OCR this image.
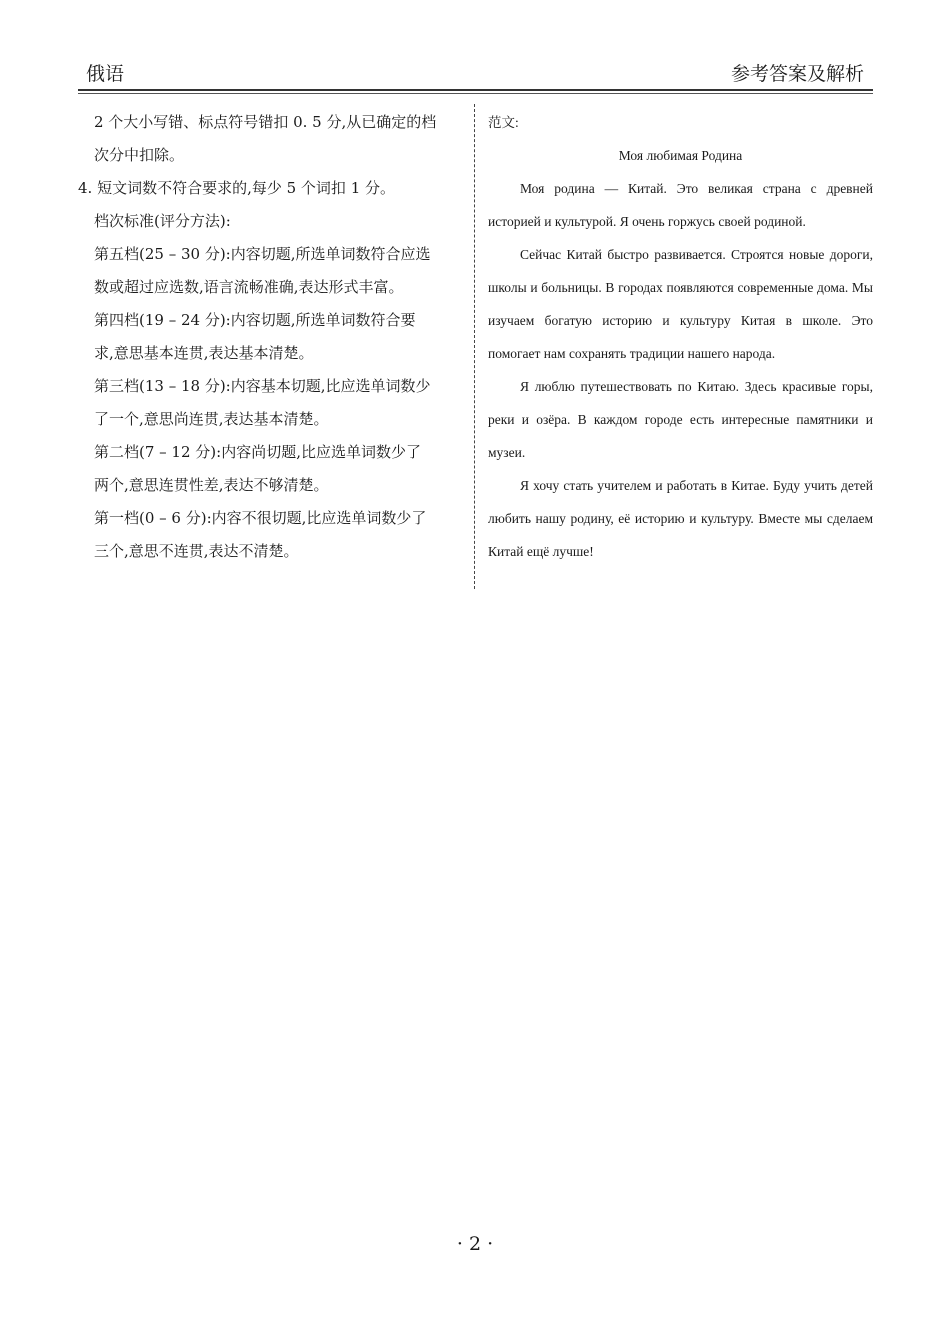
俄语	参考答案及解析

2 个大小写错、标点符号错扣 0. 5 分,从已确定的档

次分中扣除。

4. 短文词数不符合要求的,每少 5 个词扣 1 分。

档次标准(评分方法):

第五档(25 – 30 分):内容切题,所选单词数符合应选

数或超过应选数,语言流畅准确,表达形式丰富。

第四档(19 – 24 分):内容切题,所选单词数符合要

求,意思基本连贯,表达基本清楚。

第三档(13 – 18 分):内容基本切题,比应选单词数少

了一个,意思尚连贯,表达基本清楚。

第二档(7 – 12 分):内容尚切题,比应选单词数少了

两个,意思连贯性差,表达不够清楚。

第一档(0 – 6 分):内容不很切题,比应选单词数少了

三个,意思不连贯,表达不清楚。

范文:

Моя любимая Родина

Моя родина — Китай. Это великая страна с древней историей и культурой. Я очень горжусь своей родиной.

Сейчас Китай быстро развивается. Строятся новые дороги, школы и больницы. В городах появляются современные дома. Мы изучаем богатую историю и культуру Китая в школе. Это помогает нам сохранять традиции нашего народа.

Я люблю путешествовать по Китаю. Здесь красивые горы, реки и озёра. В каждом городе есть интересные памятники и музеи.

Я хочу стать учителем и работать в Китае. Буду учить детей любить нашу родину, её историю и культуру. Вместе мы сделаем Китай ещё лучше!

· 2 ·
